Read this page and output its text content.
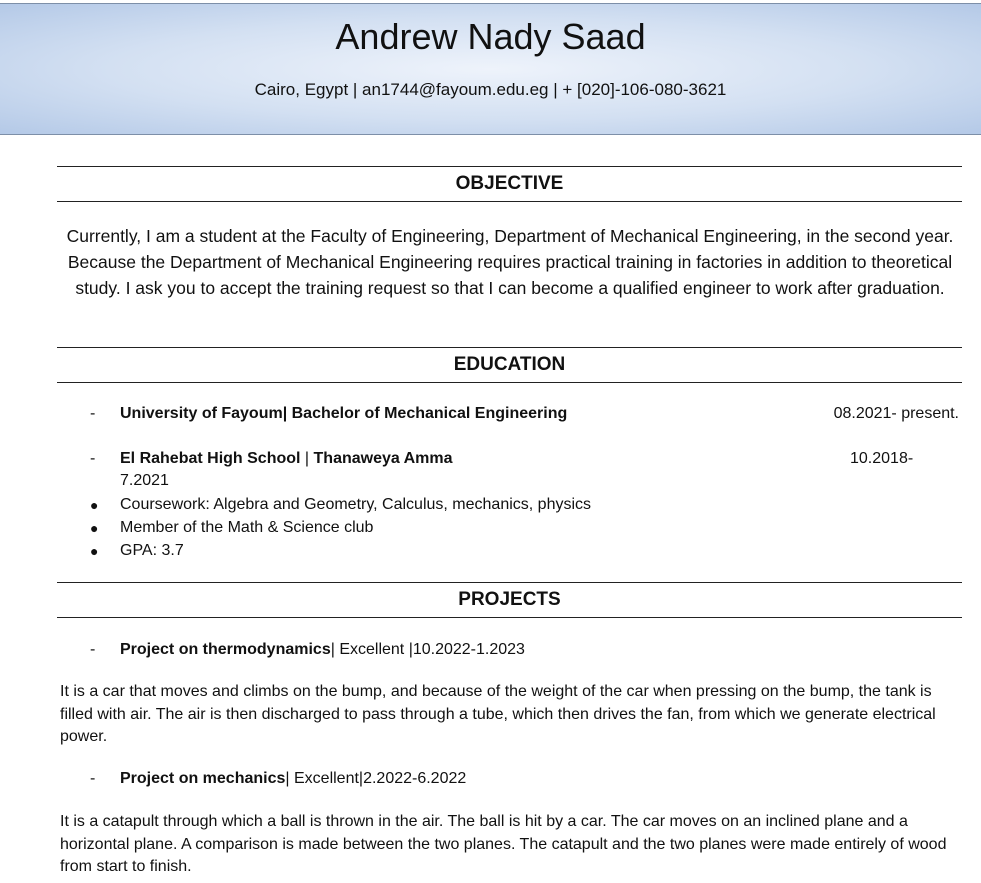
Andrew Nady Saad
Cairo, Egypt | an1744@fayoum.edu.eg | + [020]-106-080-3621
OBJECTIVE
Currently, I am a student at the Faculty of Engineering, Department of Mechanical Engineering, in the second year. Because the Department of Mechanical Engineering requires practical training in factories in addition to theoretical study. I ask you to accept the training request so that I can become a qualified engineer to work after graduation.
EDUCATION
- University of Fayoum| Bachelor of Mechanical Engineering	08.2021- present.
- El Rahebat High School | Thanaweya Amma	10.2018-
7.2021
● Coursework: Algebra and Geometry, Calculus, mechanics, physics
● Member of the Math & Science club
● GPA: 3.7
PROJECTS
- Project on thermodynamics| Excellent |10.2022-1.2023
It is a car that moves and climbs on the bump, and because of the weight of the car when pressing on the bump, the tank is filled with air. The air is then discharged to pass through a tube, which then drives the fan, from which we generate electrical power.
- Project on mechanics| Excellent|2.2022-6.2022
It is a catapult through which a ball is thrown in the air. The ball is hit by a car. The car moves on an inclined plane and a horizontal plane. A comparison is made between the two planes. The catapult and the two planes were made entirely of wood from start to finish.
